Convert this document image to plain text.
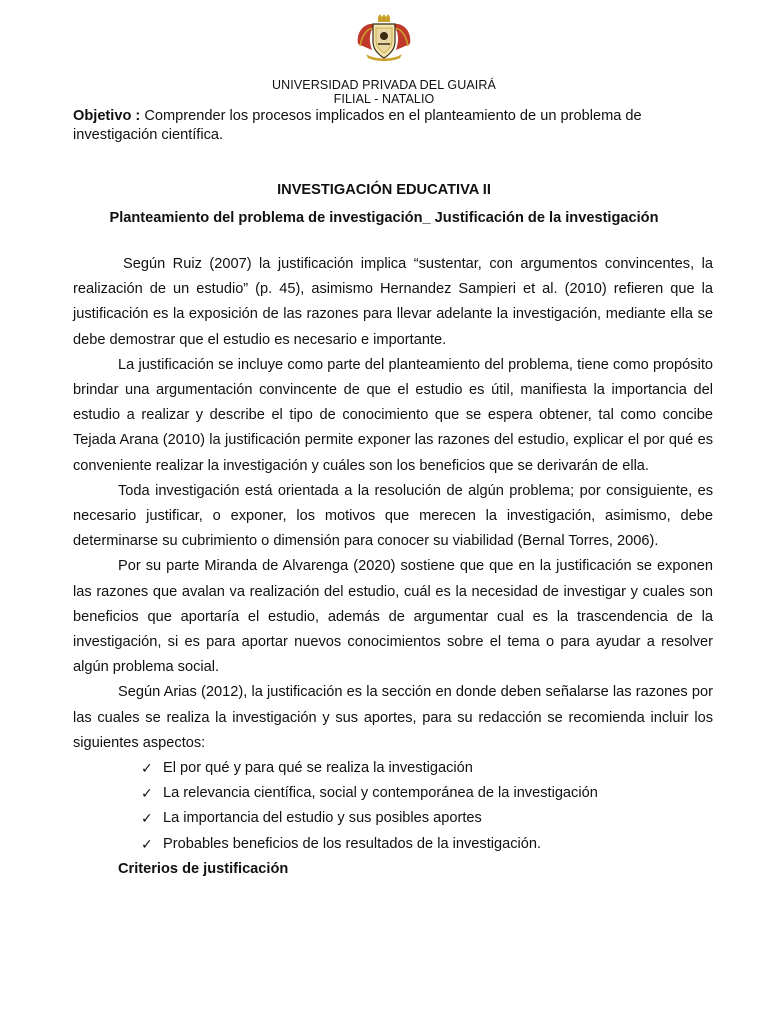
UNIVERSIDAD PRIVADA DEL GUAIRÁ
FILIAL - NATALIO
Objetivo : Comprender los procesos implicados en el planteamiento de un problema de investigación científica.
INVESTIGACIÓN EDUCATIVA II
Planteamiento del problema de investigación_ Justificación de la investigación

Según Ruiz (2007) la justificación implica “sustentar, con argumentos convincentes, la realización de un estudio” (p. 45), asimismo Hernandez Sampieri et al. (2010) refieren que la justificación es la exposición de las razones para llevar adelante la investigación, mediante ella se debe demostrar que el estudio es necesario e importante.

La justificación se incluye como parte del planteamiento del problema, tiene como propósito brindar una argumentación convincente de que el estudio es útil, manifiesta la importancia del estudio a realizar y describe el tipo de conocimiento que se espera obtener, tal como concibe Tejada Arana (2010) la justificación permite exponer las razones del estudio, explicar el por qué es conveniente realizar la investigación y cuáles son los beneficios que se derivarán de ella.

Toda investigación está orientada a la resolución de algún problema; por consiguiente, es necesario justificar, o exponer, los motivos que merecen la investigación, asimismo, debe determinarse su cubrimiento o dimensión para conocer su viabilidad (Bernal Torres, 2006).

Por su parte Miranda de Alvarenga (2020) sostiene que que en la justificación se exponen las razones que avalan va realización del estudio, cuál es la necesidad de investigar y cuales son beneficios que aportaría el estudio, además de argumentar cual es la trascendencia de la investigación, si es para aportar nuevos conocimientos sobre el tema o para ayudar a resolver algún problema social.

Según Arias (2012), la justificación es la sección en donde deben señalarse las razones por las cuales se realiza la investigación y sus aportes, para su redacción se recomienda incluir los siguientes aspectos:

✓ El por qué y para qué se realiza la investigación
✓ La relevancia científica, social y contemporánea de la investigación
✓ La importancia del estudio y sus posibles aportes
✓ Probables beneficios de los resultados de la investigación.

Criterios de justificación
